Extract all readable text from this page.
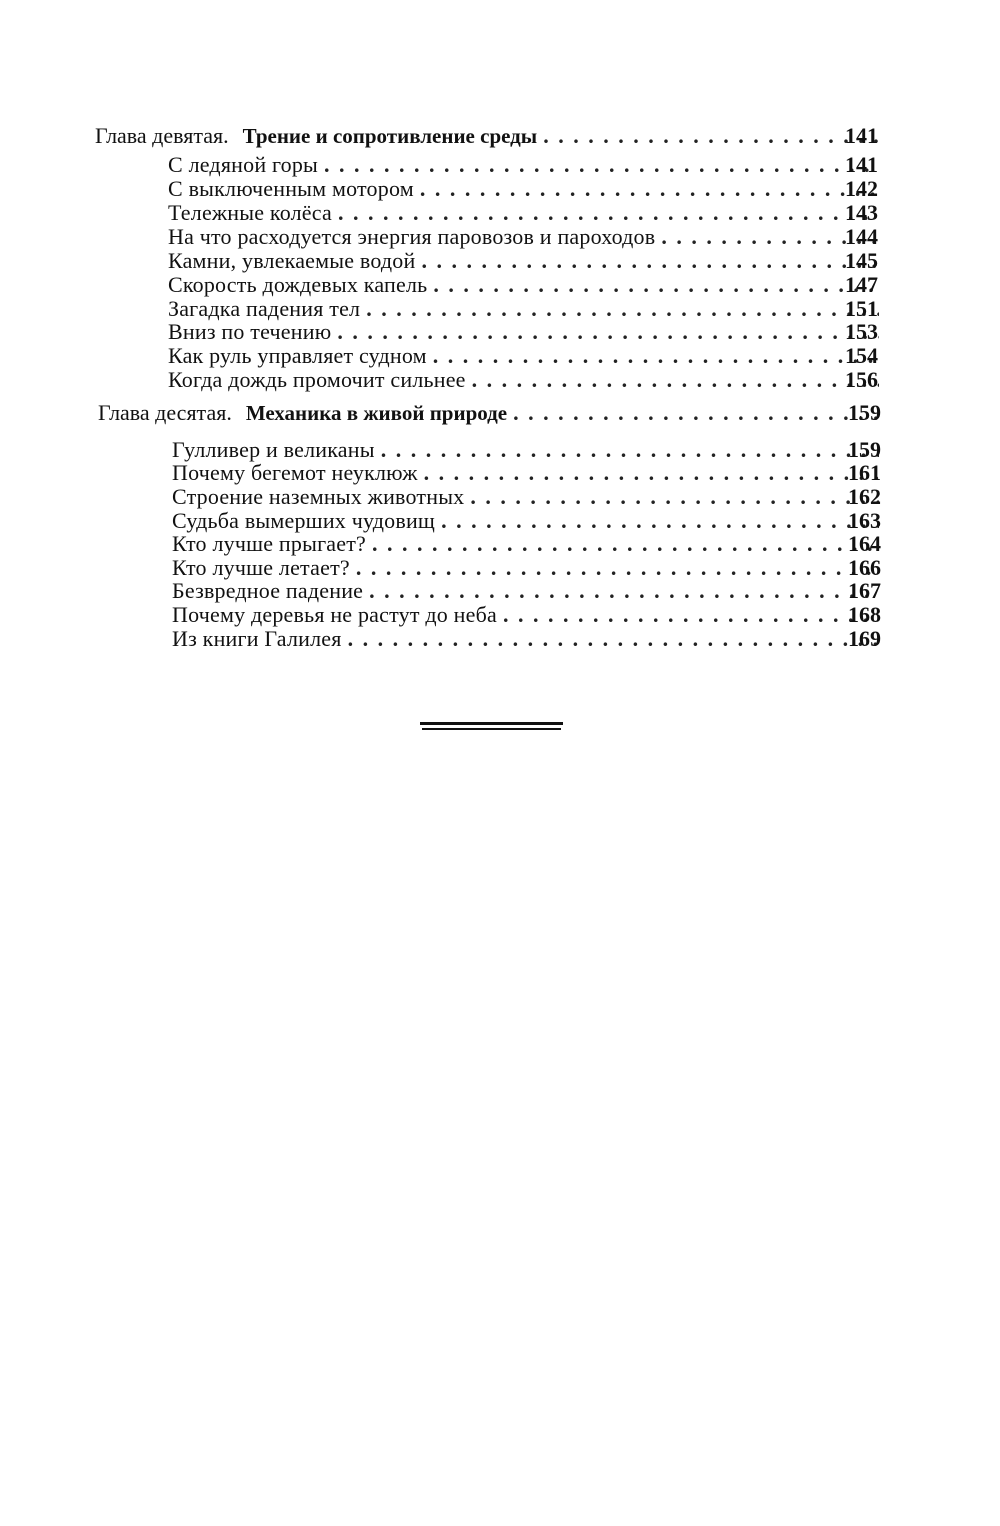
Глава девятая. Трение и сопротивление среды . . .	141
С ледяной горы . . .	141
С выключенным мотором . . .	142
Тележные колёса . . .	143
На что расходуется энергия паровозов и пароходов . . .	144
Камни, увлекаемые водой . . .	145
Скорость дождевых капель . . .	147
Загадка падения тел . . .	151
Вниз по течению . . .	153
Как руль управляет судном . . .	154
Когда дождь промочит сильнее . . .	156
Глава десятая. Механика в живой природе . . .	159
Гулливер и великаны . . .	159
Почему бегемот неуклюж . . .	161
Строение наземных животных . . .	162
Судьба вымерших чудовищ . . .	163
Кто лучше прыгает? . . .	164
Кто лучше летает? . . .	166
Безвредное падение . . .	167
Почему деревья не растут до неба . . .	168
Из книги Галилея . . .	169
